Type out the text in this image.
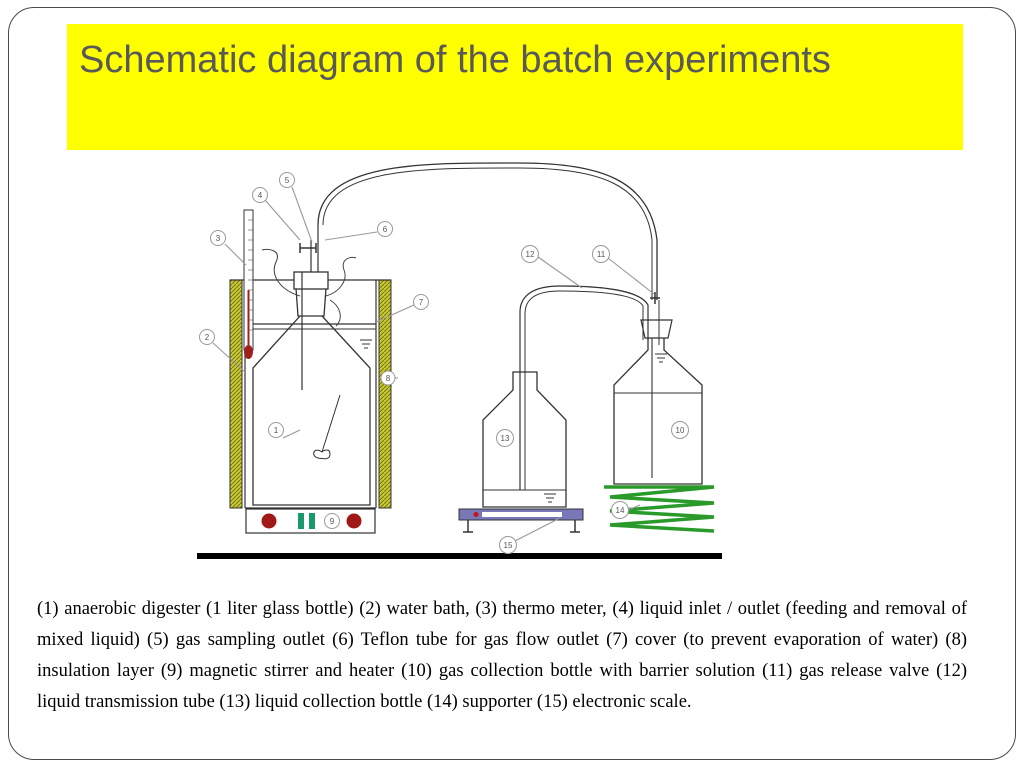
Schematic diagram of the batch experiments
1
2
3
4
5
6
7
8
9
10
11
12
13
14
15

(1) anaerobic digester (1 liter glass bottle) (2) water bath, (3) thermo meter, (4) liquid inlet / outlet (feeding and removal of mixed liquid) (5) gas sampling outlet (6) Teflon tube for gas flow outlet (7) cover (to prevent evaporation of water) (8) insulation layer (9) magnetic stirrer and heater (10) gas collection bottle with barrier solution (11) gas release valve (12) liquid transmission tube (13) liquid collection bottle (14) supporter (15) electronic scale.
